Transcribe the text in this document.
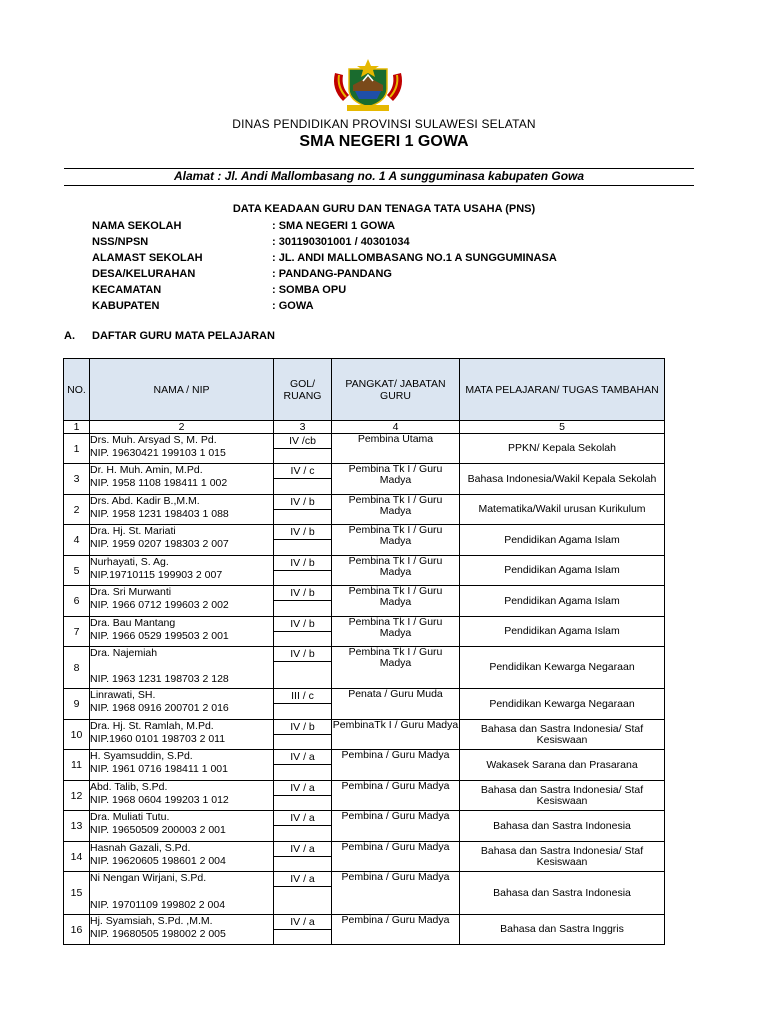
DINAS PENDIDIKAN PROVINSI SULAWESI SELATAN
SMA NEGERI 1 GOWA
Alamat : Jl. Andi Mallombasang no. 1 A sungguminasa kabupaten Gowa
DATA KEADAAN GURU DAN TENAGA TATA USAHA (PNS)
NAMA SEKOLAH	: SMA NEGERI 1 GOWA
NSS/NPSN	: 301190301001 / 40301034
ALAMAST SEKOLAH	: JL. ANDI MALLOMBASANG NO.1 A SUNGGUMINASA
DESA/KELURAHAN	: PANDANG-PANDANG
KECAMATAN	: SOMBA OPU
KABUPATEN	: GOWA
A. DAFTAR GURU MATA PELAJARAN
NO.	NAMA / NIP	GOL/ RUANG	PANGKAT/ JABATAN GURU	MATA PELAJARAN/ TUGAS TAMBAHAN
1	2	3	4	5
1	Drs. Muh. Arsyad S, M. Pd.
NIP. 19630421 199103 1 015	IV /cb	Pembina Utama	PPKN/ Kepala Sekolah
3	Dr. H. Muh. Amin, M.Pd.
NIP. 1958 1108 198411 1 002	IV / c	Pembina Tk I / Guru Madya	Bahasa Indonesia/Wakil Kepala Sekolah
2	Drs. Abd. Kadir B.,M.M.
NIP. 1958 1231 198403 1 088	IV / b	Pembina Tk I / Guru Madya	Matematika/Wakil urusan Kurikulum
4	Dra. Hj. St. Mariati
NIP. 1959 0207 198303 2 007	IV / b	Pembina Tk I / Guru Madya	Pendidikan Agama Islam
5	Nurhayati, S. Ag.
NIP.19710115 199903 2 007	IV / b	Pembina Tk I / Guru Madya	Pendidikan Agama Islam
6	Dra. Sri Murwanti
NIP. 1966 0712 199603 2 002	IV / b	Pembina Tk I / Guru Madya	Pendidikan Agama Islam
7	Dra. Bau Mantang
NIP. 1966 0529 199503 2 001	IV / b	Pembina Tk I / Guru Madya	Pendidikan Agama Islam
8	Dra. Najemiah
NIP. 1963 1231 198703 2 128	IV / b	Pembina Tk I / Guru Madya	Pendidikan Kewarga Negaraan
9	Linrawati, SH.
NIP. 1968 0916 200701 2 016	III / c	Penata / Guru Muda	Pendidikan Kewarga Negaraan
10	Dra. Hj. St. Ramlah, M.Pd.
NIP.1960 0101 198703 2 011	IV / b	PembinaTk I / Guru Madya	Bahasa dan Sastra Indonesia/ Staf Kesiswaan
11	H. Syamsuddin, S.Pd.
NIP. 1961 0716 198411 1 001	IV / a	Pembina / Guru Madya	Wakasek Sarana dan Prasarana
12	Abd. Talib, S.Pd.
NIP. 1968 0604 199203 1 012	IV / a	Pembina / Guru Madya	Bahasa dan Sastra Indonesia/ Staf Kesiswaan
13	Dra. Muliati Tutu.
NIP. 19650509 200003 2 001	IV / a	Pembina / Guru Madya	Bahasa dan Sastra Indonesia
14	Hasnah Gazali, S.Pd.
NIP. 19620605 198601 2 004	IV / a	Pembina / Guru Madya	Bahasa dan Sastra Indonesia/ Staf Kesiswaan
15	Ni Nengan Wirjani, S.Pd.
NIP. 19701109 199802 2 004	IV / a	Pembina / Guru Madya	Bahasa dan Sastra Indonesia
16	Hj. Syamsiah, S.Pd. ,M.M.
NIP. 19680505 198002 2 005	IV / a	Pembina / Guru Madya	Bahasa dan Sastra Inggris
